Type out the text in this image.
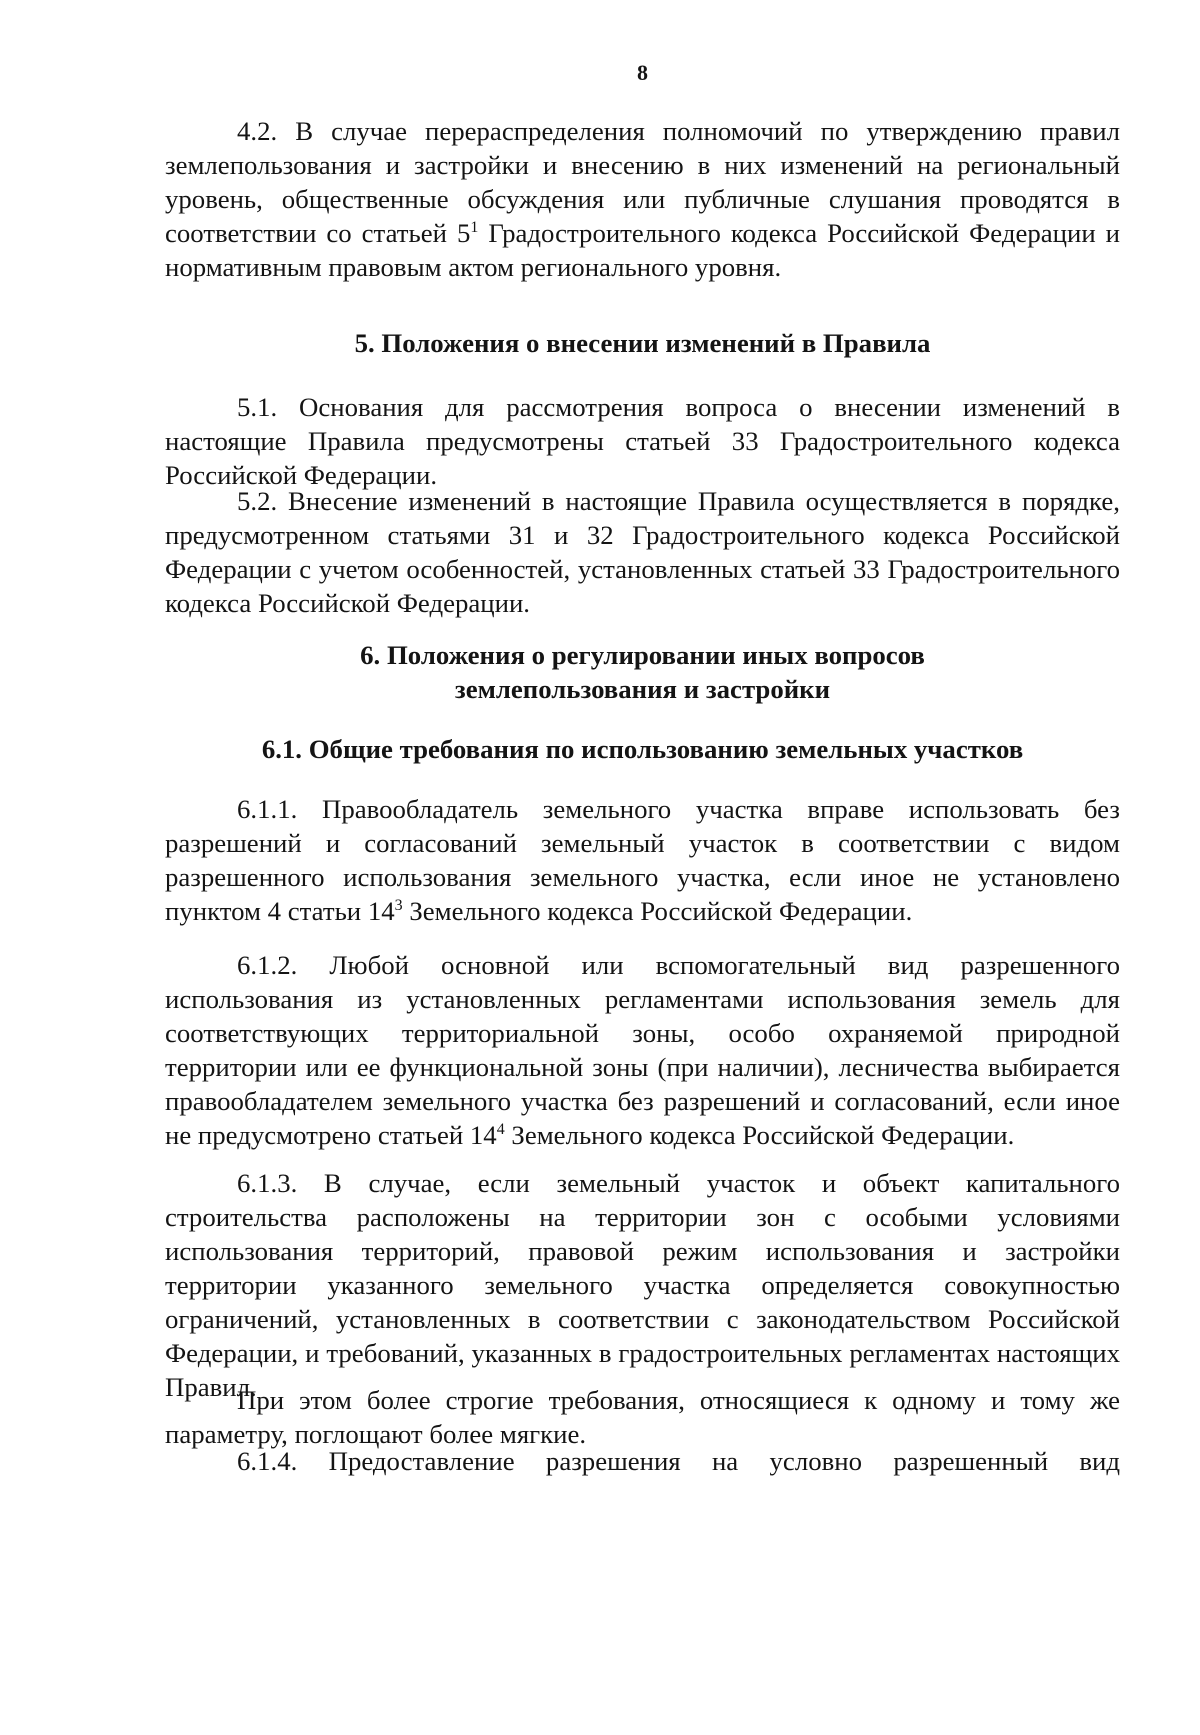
8

4.2. В случае перераспределения полномочий по утверждению правил землепользования и застройки и внесению в них изменений на региональный уровень, общественные обсуждения или публичные слушания проводятся в соответствии со статьей $5^1$ Градостроительного кодекса Российской Федерации и нормативным правовым актом регионального уровня.

5. Положения о внесении изменений в Правила

5.1. Основания для рассмотрения вопроса о внесении изменений в настоящие Правила предусмотрены статьей 33 Градостроительного кодекса Российской Федерации.

5.2. Внесение изменений в настоящие Правила осуществляется в порядке, предусмотренном статьями 31 и 32 Градостроительного кодекса Российской Федерации с учетом особенностей, установленных статьей 33 Градостроительного кодекса Российской Федерации.

6. Положения о регулировании иных вопросов

землепользования и застройки

6.1. Общие требования по использованию земельных участков

6.1.1. Правообладатель земельного участка вправе использовать без разрешений и согласований земельный участок в соответствии с видом разрешенного использования земельного участка, если иное не установлено пунктом 4 статьи $14^3$ Земельного кодекса Российской Федерации.

6.1.2. Любой основной или вспомогательный вид разрешенного использования из установленных регламентами использования земель для соответствующих территориальной зоны, особо охраняемой природной территории или ее функциональной зоны (при наличии), лесничества выбирается правообладателем земельного участка без разрешений и согласований, если иное не предусмотрено статьей $14^4$ Земельного кодекса Российской Федерации.

6.1.3. В случае, если земельный участок и объект капитального строительства расположены на территории зон с особыми условиями использования территорий, правовой режим использования и застройки территории указанного земельного участка определяется совокупностью ограничений, установленных в соответствии с законодательством Российской Федерации, и требований, указанных в градостроительных регламентах настоящих Правил.

При этом более строгие требования, относящиеся к одному и тому же параметру, поглощают более мягкие.

6.1.4. Предоставление разрешения на условно разрешенный вид
